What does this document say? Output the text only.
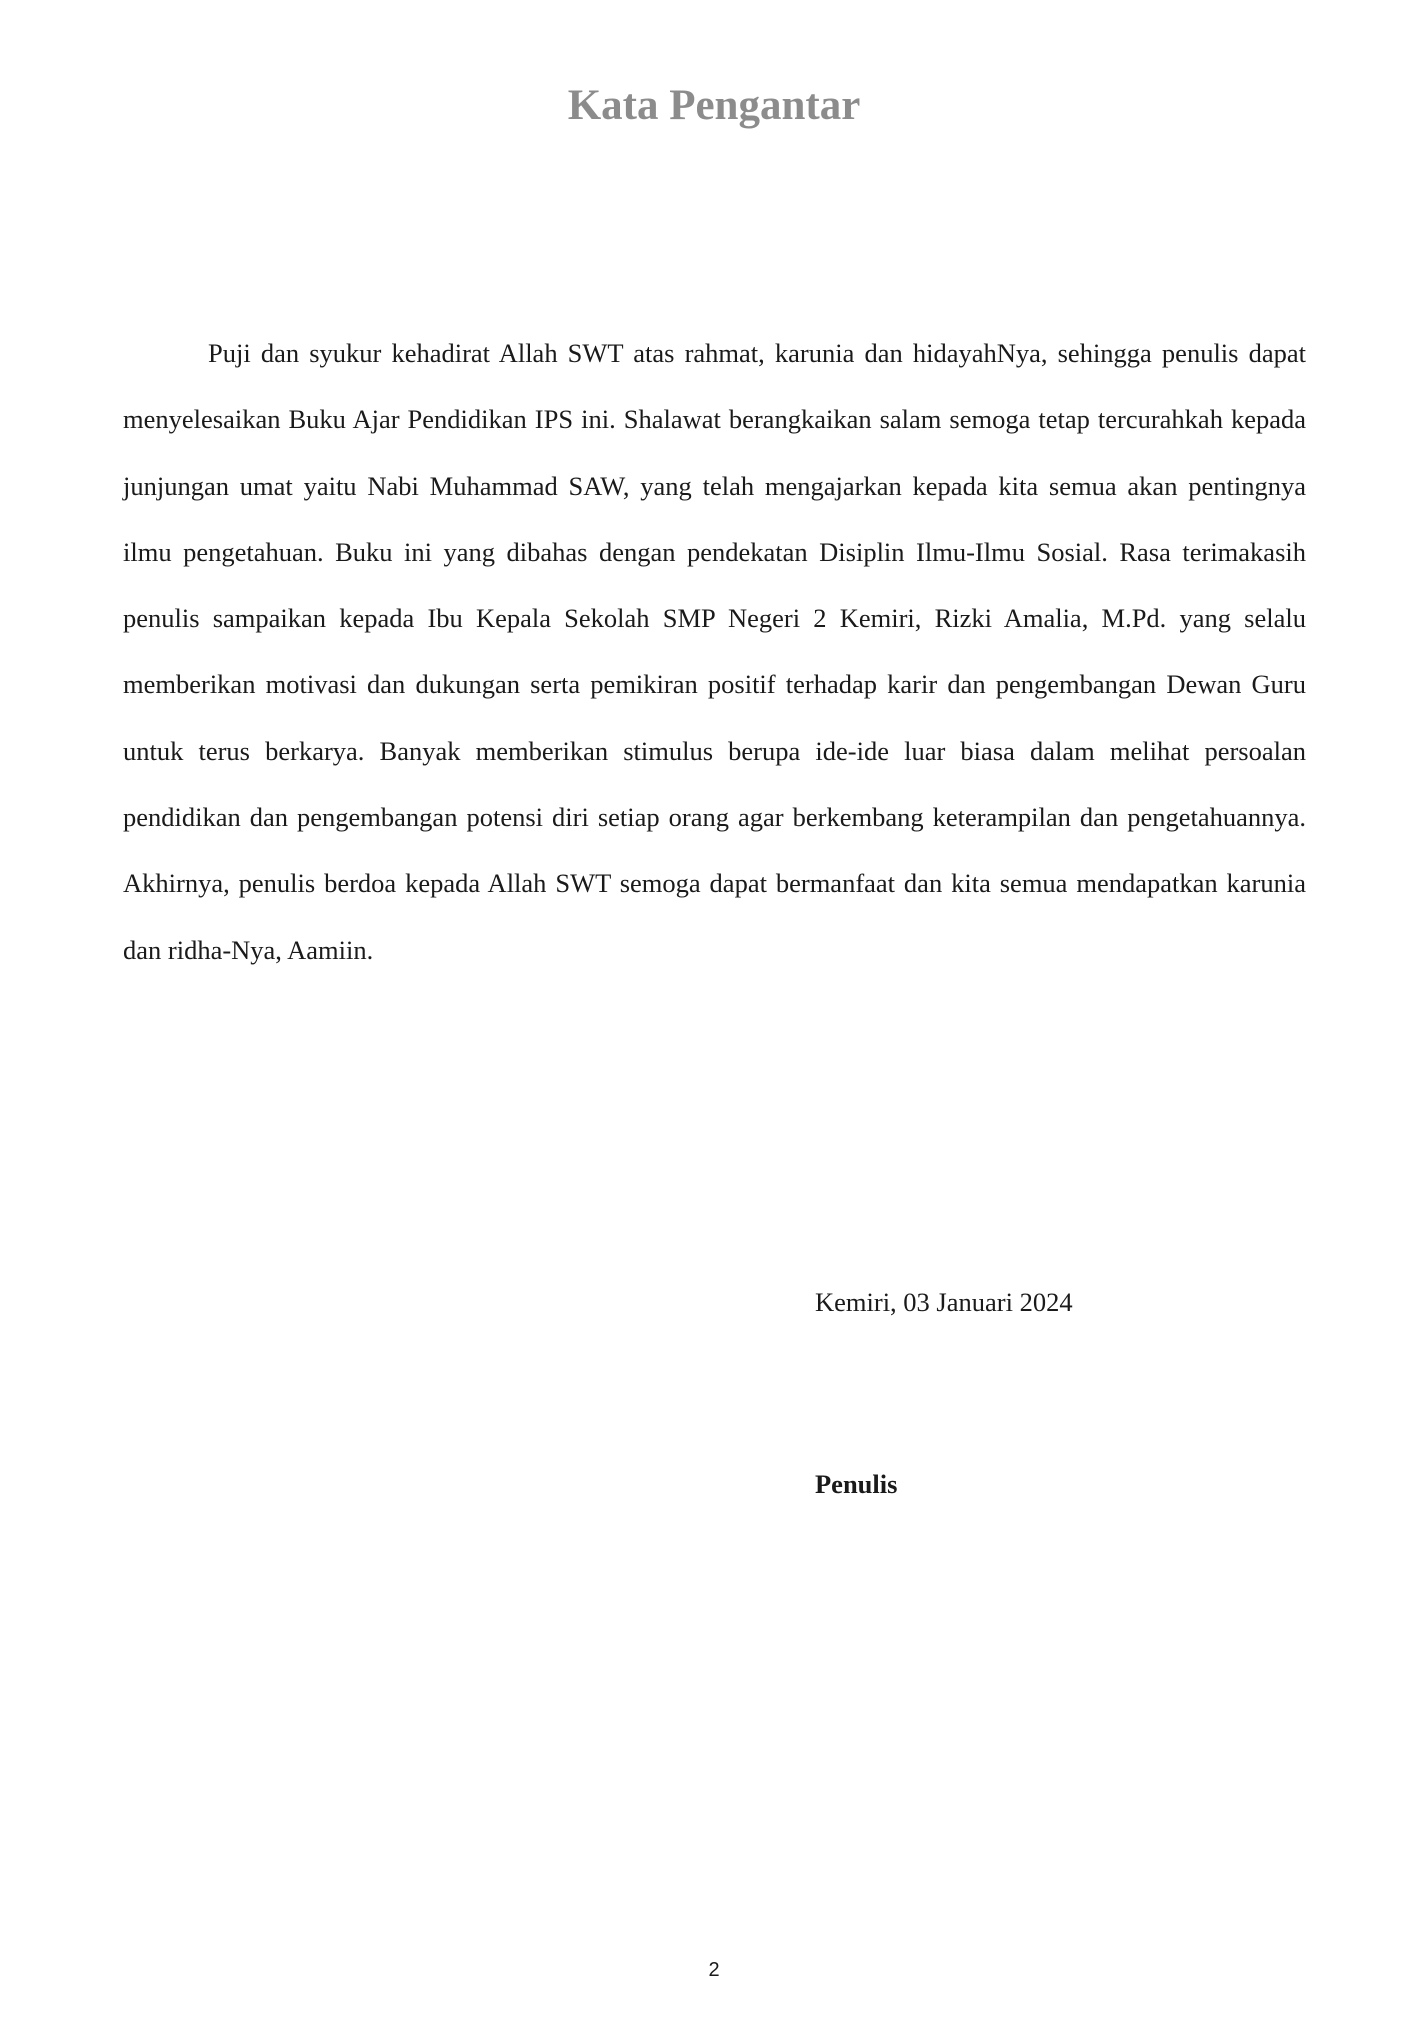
Kata Pengantar

Puji dan syukur kehadirat Allah SWT atas rahmat, karunia dan hidayahNya, sehingga penulis dapat menyelesaikan Buku Ajar Pendidikan IPS ini. Shalawat berangkaikan salam semoga tetap tercurahkah kepada junjungan umat yaitu Nabi Muhammad SAW, yang telah mengajarkan kepada kita semua akan pentingnya ilmu pengetahuan. Buku ini yang dibahas dengan pendekatan Disiplin Ilmu-Ilmu Sosial. Rasa terimakasih penulis sampaikan kepada Ibu Kepala Sekolah SMP Negeri 2 Kemiri, Rizki Amalia, M.Pd. yang selalu memberikan motivasi dan dukungan serta pemikiran positif terhadap karir dan pengembangan Dewan Guru untuk terus berkarya. Banyak memberikan stimulus berupa ide-ide luar biasa dalam melihat persoalan pendidikan dan pengembangan potensi diri setiap orang agar berkembang keterampilan dan pengetahuannya. Akhirnya, penulis berdoa kepada Allah SWT semoga dapat bermanfaat dan kita semua mendapatkan karunia dan ridha-Nya, Aamiin.

Kemiri, 03 Januari 2024

Penulis

2
